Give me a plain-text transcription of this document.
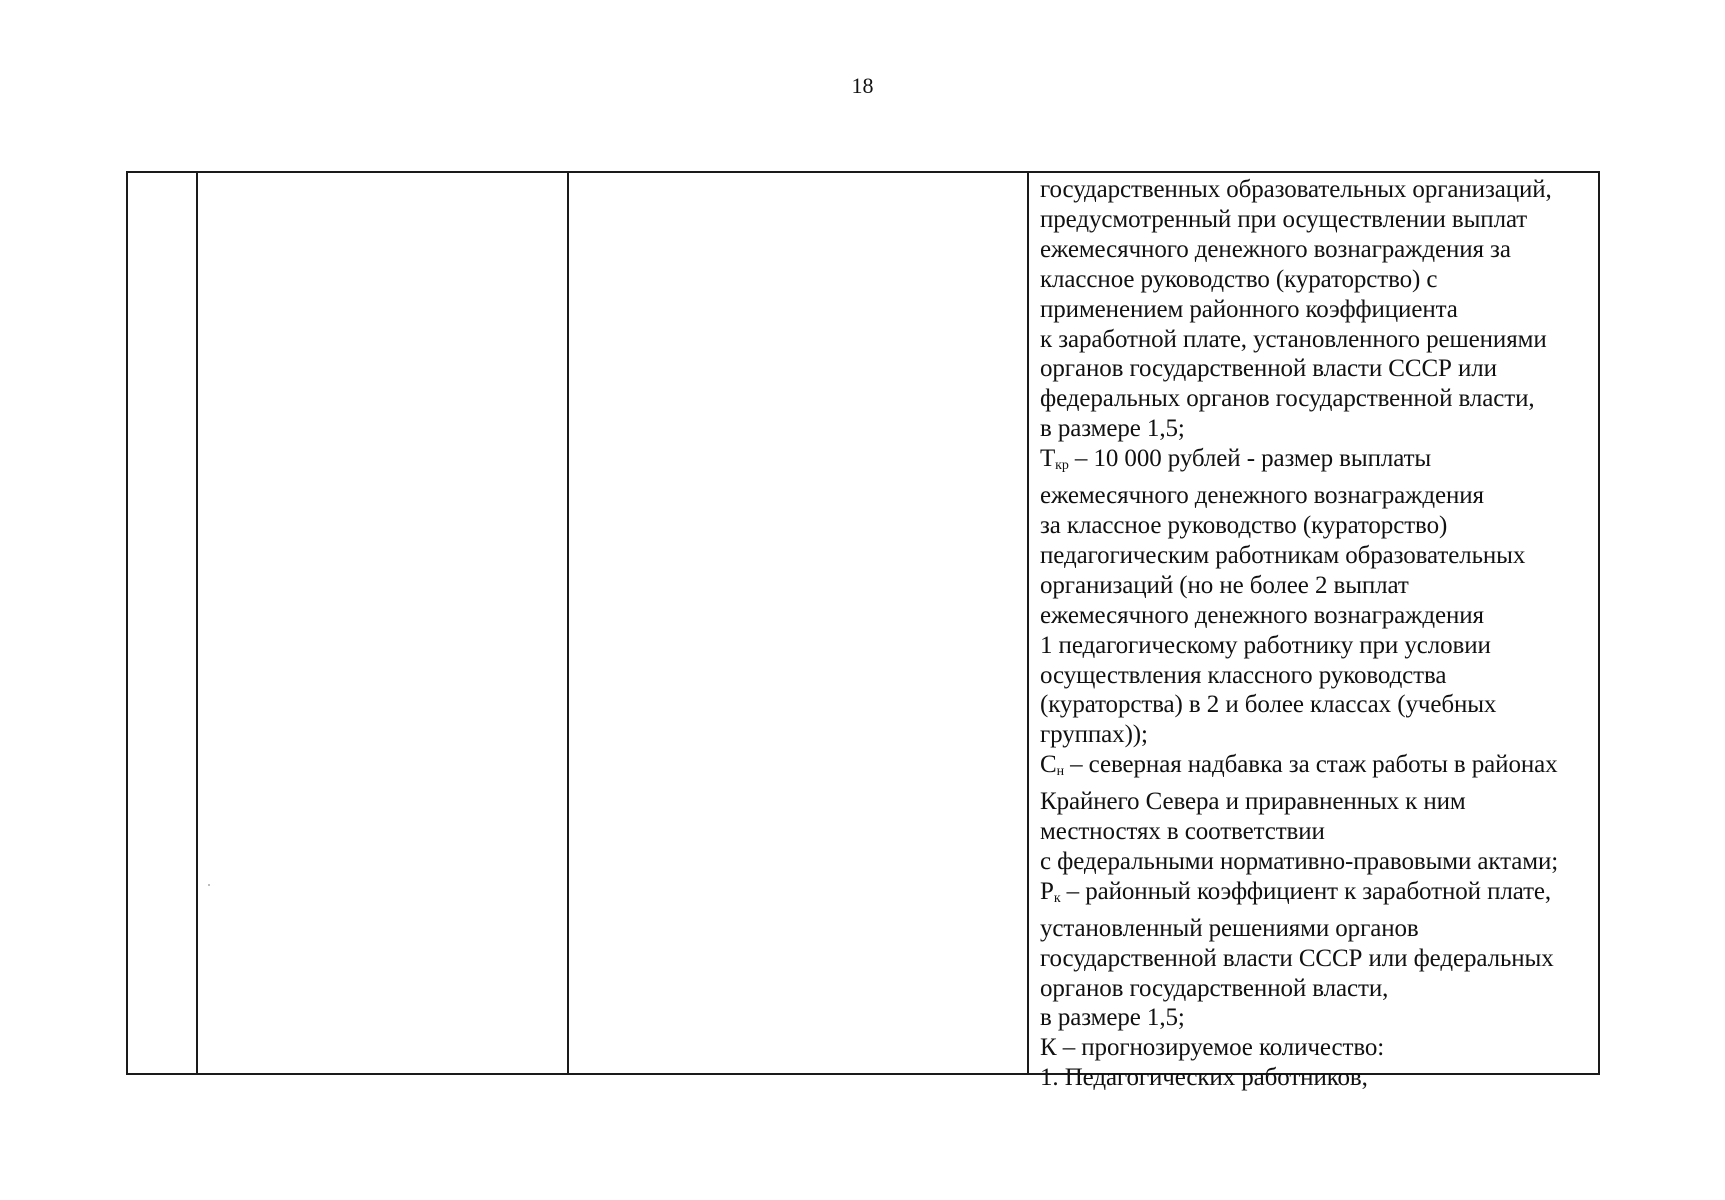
18
государственных образовательных организаций,
предусмотренный при осуществлении выплат
ежемесячного денежного вознаграждения за
классное руководство (кураторство) с
применением районного коэффициента
к заработной плате, установленного решениями
органов государственной власти СССР или
федеральных органов государственной власти,
в размере 1,5;
$Т_{кр} - 10$ 000 рублей - размер выплаты
ежемесячного денежного вознаграждения
за классное руководство (кураторство)
педагогическим работникам образовательных
организаций (но не более 2 выплат
ежемесячного денежного вознаграждения
1 педагогическому работнику при условии
осуществления классного руководства
(кураторства) в 2 и более классах (учебных
группах));
$С_н$ – северная надбавка за стаж работы в районах
Крайнего Севера и приравненных к ним
местностях в соответствии
с федеральными нормативно-правовыми актами;
$Р_к$ – районный коэффициент к заработной плате,
установленный решениями органов
государственной власти СССР или федеральных
органов государственной власти,
в размере 1,5;
К – прогнозируемое количество:
1. Педагогических работников,
